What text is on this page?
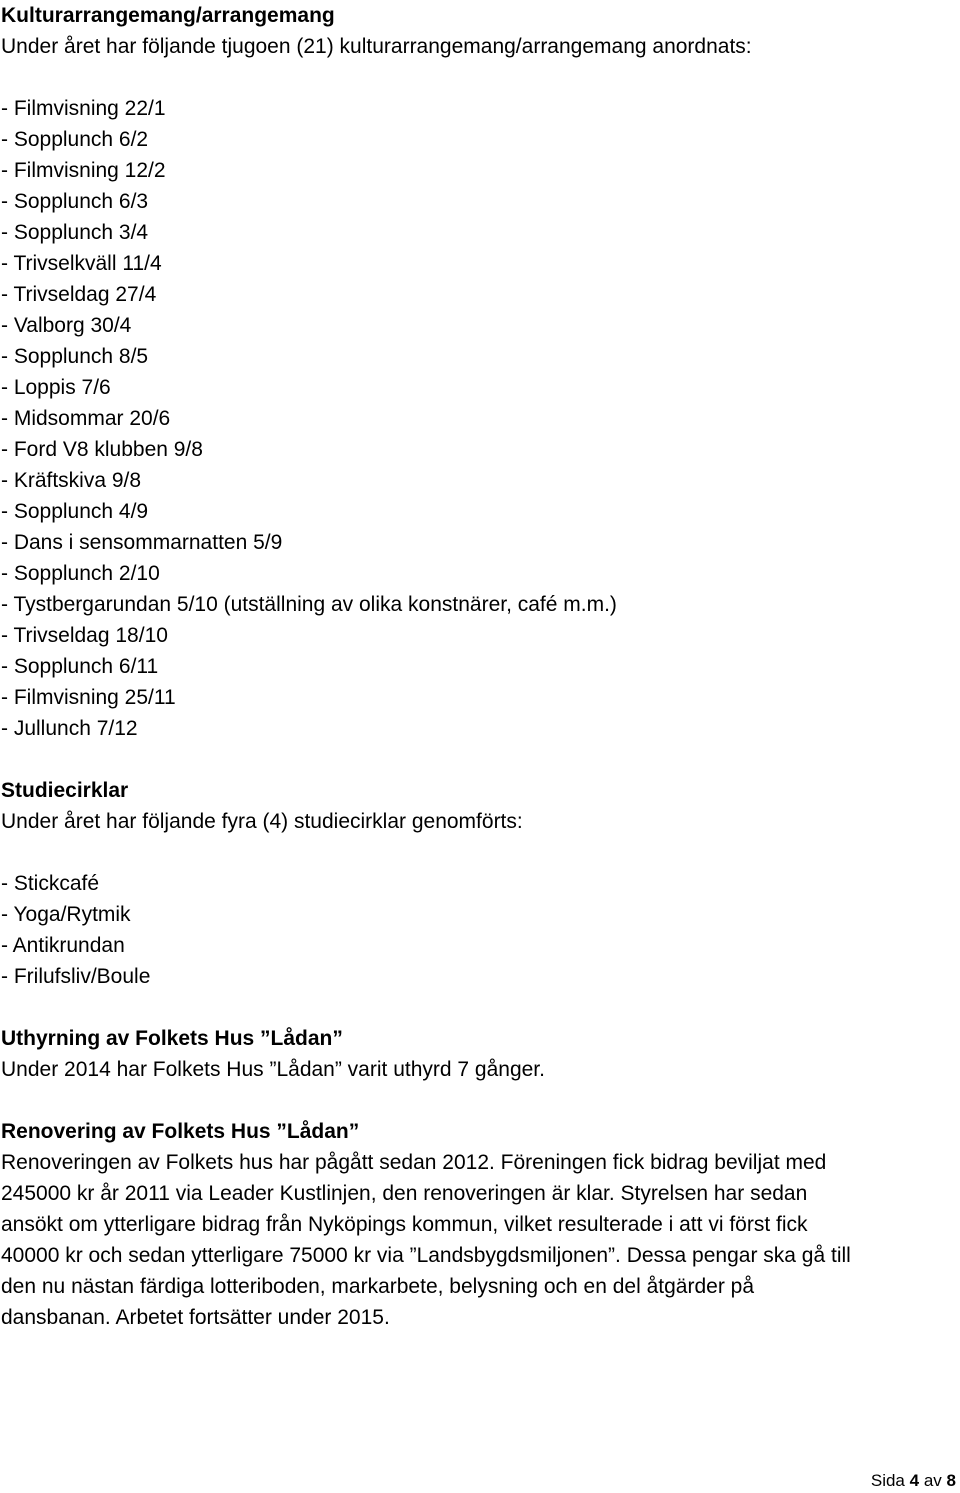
Kulturarrangemang/arrangemang
Under året har följande tjugoen (21) kulturarrangemang/arrangemang anordnats:
- Filmvisning 22/1
- Sopplunch 6/2
- Filmvisning 12/2
- Sopplunch 6/3
- Sopplunch 3/4
- Trivselkväll 11/4
- Trivseldag 27/4
- Valborg 30/4
- Sopplunch 8/5
- Loppis 7/6
- Midsommar 20/6
- Ford V8 klubben 9/8
- Kräftskiva 9/8
- Sopplunch 4/9
- Dans i sensommarnatten 5/9
- Sopplunch 2/10
- Tystbergarundan 5/10 (utställning av olika konstnärer, café m.m.)
- Trivseldag 18/10
- Sopplunch 6/11
- Filmvisning 25/11
- Jullunch 7/12
Studiecirklar
Under året har följande fyra (4) studiecirklar genomförts:
- Stickcafé
- Yoga/Rytmik
- Antikrundan
- Frilufsliv/Boule
Uthyrning av Folkets Hus ”Lådan”
Under 2014 har Folkets Hus ”Lådan” varit uthyrd 7 gånger.
Renovering av Folkets Hus ”Lådan”
Renoveringen av Folkets hus har pågått sedan 2012. Föreningen fick bidrag beviljat med
245000 kr år 2011 via Leader Kustlinjen, den renoveringen är klar. Styrelsen har sedan
ansökt om ytterligare bidrag från Nyköpings kommun, vilket resulterade i att vi först fick
40000 kr och sedan ytterligare 75000 kr via ”Landsbygdsmiljonen”. Dessa pengar ska gå till
den nu nästan färdiga lotteriboden, markarbete, belysning och en del åtgärder på
dansbanan. Arbetet fortsätter under 2015.
Sida 4 av 8
